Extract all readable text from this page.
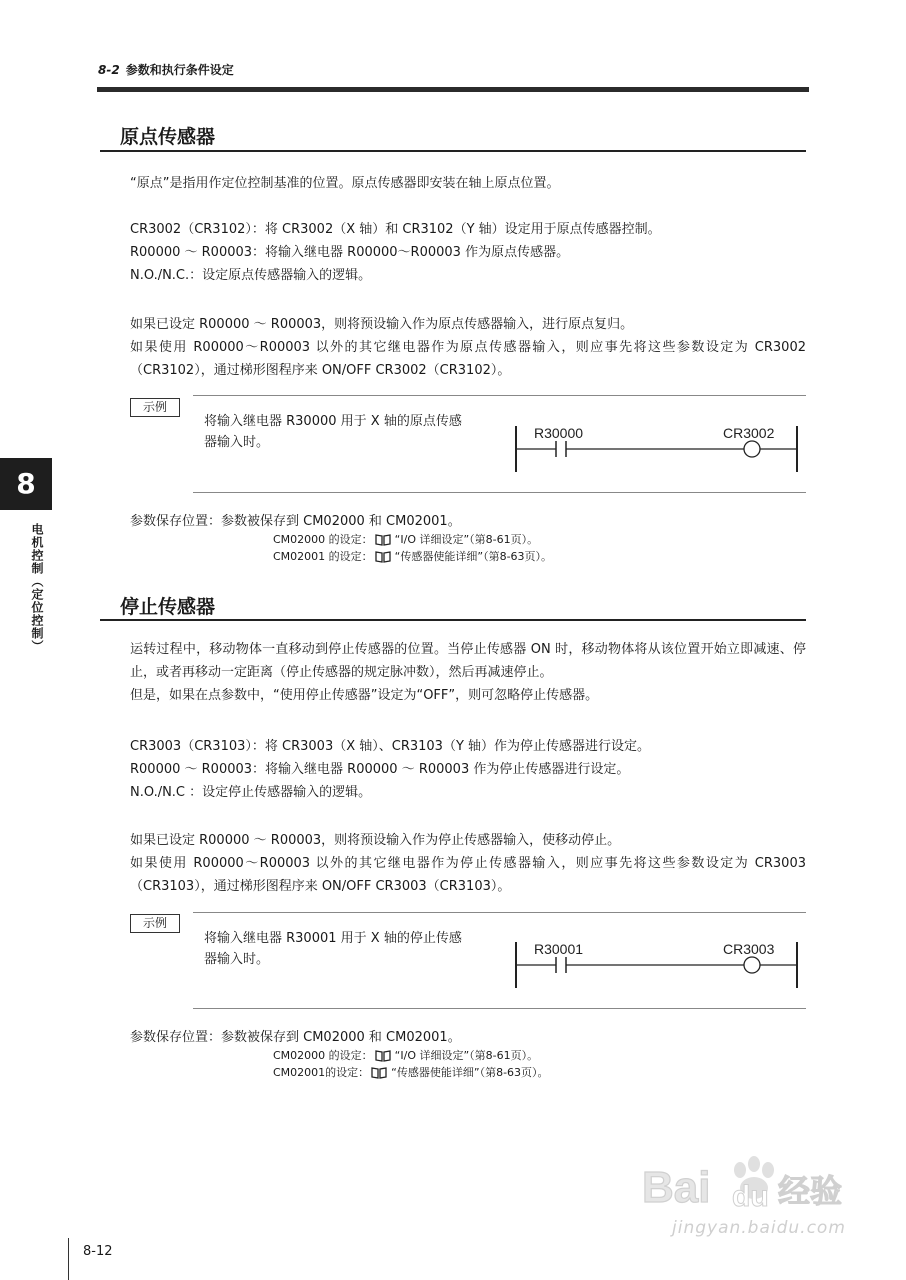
8-2 参数和执行条件设定
8
电机控制（定位控制）
原点传感器

“原点”是指用作定位控制基准的位置。原点传感器即安装在轴上原点位置。

CR3002（CR3102）：将 CR3002（X 轴）和 CR3102（Y 轴）设定用于原点传感器控制。

R00000 ～ R00003：将输入继电器 R00000～R00003 作为原点传感器。

N.O./N.C.：设定原点传感器输入的逻辑。

如果已设定 R00000 ～ R00003，则将预设输入作为原点传感器输入，进行原点复归。

如果使用 R00000～R00003 以外的其它继电器作为原点传感器输入，则应事先将这些参数设定为 CR3002（CR3102），通过梯形图程序来 ON/OFF CR3002（CR3102）。

示例

将输入继电器 R30000 用于 X 轴的原点传感

器输入时。

R30000	CR3002
参数保存位置：参数被保存到 CM02000 和 CM02001。
CM02000 的设定： “I/O 详细设定”（第8-61页）。
CM02001 的设定： “传感器使能详细”（第8-63页）。
停止传感器

运转过程中，移动物体一直移动到停止传感器的位置。当停止传感器 ON 时，移动物体将从该位置开始立即减速、停止，或者再移动一定距离（停止传感器的规定脉冲数），然后再减速停止。

但是，如果在点参数中，“使用停止传感器”设定为“OFF”，则可忽略停止传感器。

CR3003（CR3103）：将 CR3003（X 轴）、CR3103（Y 轴）作为停止传感器进行设定。

R00000 ～ R00003：将输入继电器 R00000 ～ R00003 作为停止传感器进行设定。

N.O./N.C ：设定停止传感器输入的逻辑。

如果已设定 R00000 ～ R00003，则将预设输入作为停止传感器输入，使移动停止。

如果使用 R00000～R00003 以外的其它继电器作为停止传感器输入，则应事先将这些参数设定为 CR3003（CR3103），通过梯形图程序来 ON/OFF CR3003（CR3103）。

示例

将输入继电器 R30001 用于 X 轴的停止传感

器输入时。

R30001	CR3003
参数保存位置：参数被保存到 CM02000 和 CM02001。
CM02000 的设定： “I/O 详细设定”（第8-61页）。
CM02001的设定： “传感器使能详细”（第8-63页）。
Bai du 经验
jingyan.baidu.com
8-12
